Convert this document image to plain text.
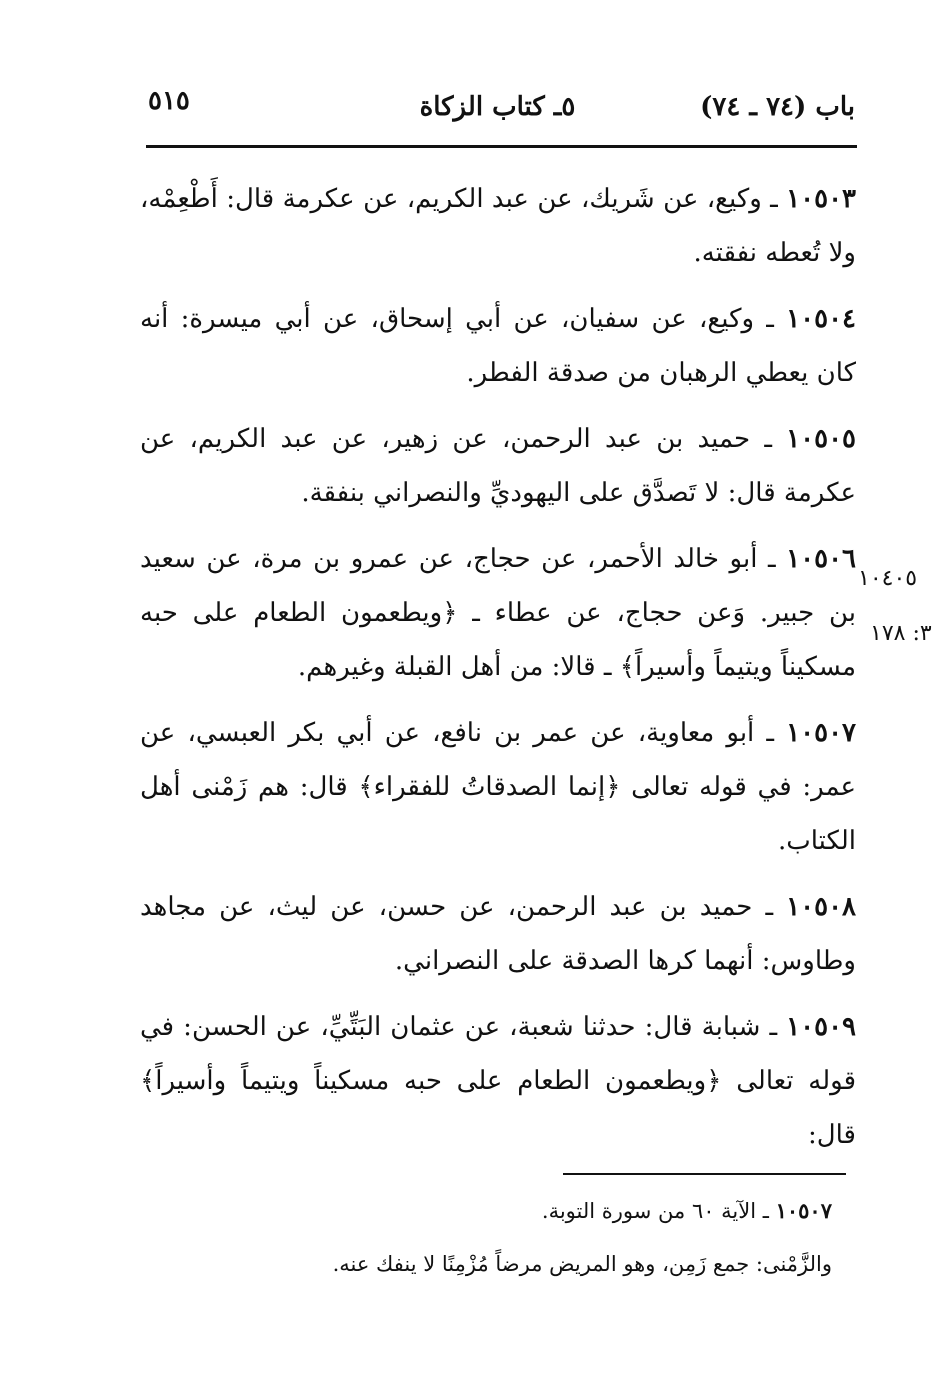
باب (٧٤ ـ ٧٤)
٥ـ كتاب الزكاة
٥١٥
١٠٤٠٥
٣: ١٧٨

١٠٥٠٣ ـ وكيع، عن شَريك، عن عبد الكريم، عن عكرمة قال: أَطْعِمْه، ولا تُعطه نفقته.

١٠٥٠٤ ـ وكيع، عن سفيان، عن أبي إسحاق، عن أبي ميسرة: أنه كان يعطي الرهبان من صدقة الفطر.

١٠٥٠٥ ـ حميد بن عبد الرحمن، عن زهير، عن عبد الكريم، عن عكرمة قال: لا تَصدَّق على اليهوديِّ والنصراني بنفقة.

١٠٥٠٦ ـ أبو خالد الأحمر، عن حجاج، عن عمرو بن مرة، عن سعيد بن جبير. وَعن حجاج، عن عطاء ـ ﴿ويطعمون الطعام على حبه مسكيناً ويتيماً وأسيراً﴾ ـ قالا: من أهل القبلة وغيرهم.

١٠٥٠٧ ـ أبو معاوية، عن عمر بن نافع، عن أبي بكر العبسي، عن عمر: في قوله تعالى ﴿إنما الصدقاتُ للفقراء﴾ قال: هم زَمْنى أهل الكتاب.

١٠٥٠٨ ـ حميد بن عبد الرحمن، عن حسن، عن ليث، عن مجاهد وطاوس: أنهما كرها الصدقة على النصراني.

١٠٥٠٩ ـ شبابة قال: حدثنا شعبة، عن عثمان البَتِّيِّ، عن الحسن: في قوله تعالى ﴿ويطعمون الطعام على حبه مسكيناً ويتيماً وأسيراً﴾ قال:

١٠٥٠٧ ـ الآية ٦٠ من سورة التوبة.

والزَّمْنى: جمع زَمِن، وهو المريض مرضاً مُزْمِنًا لا ينفك عنه.
